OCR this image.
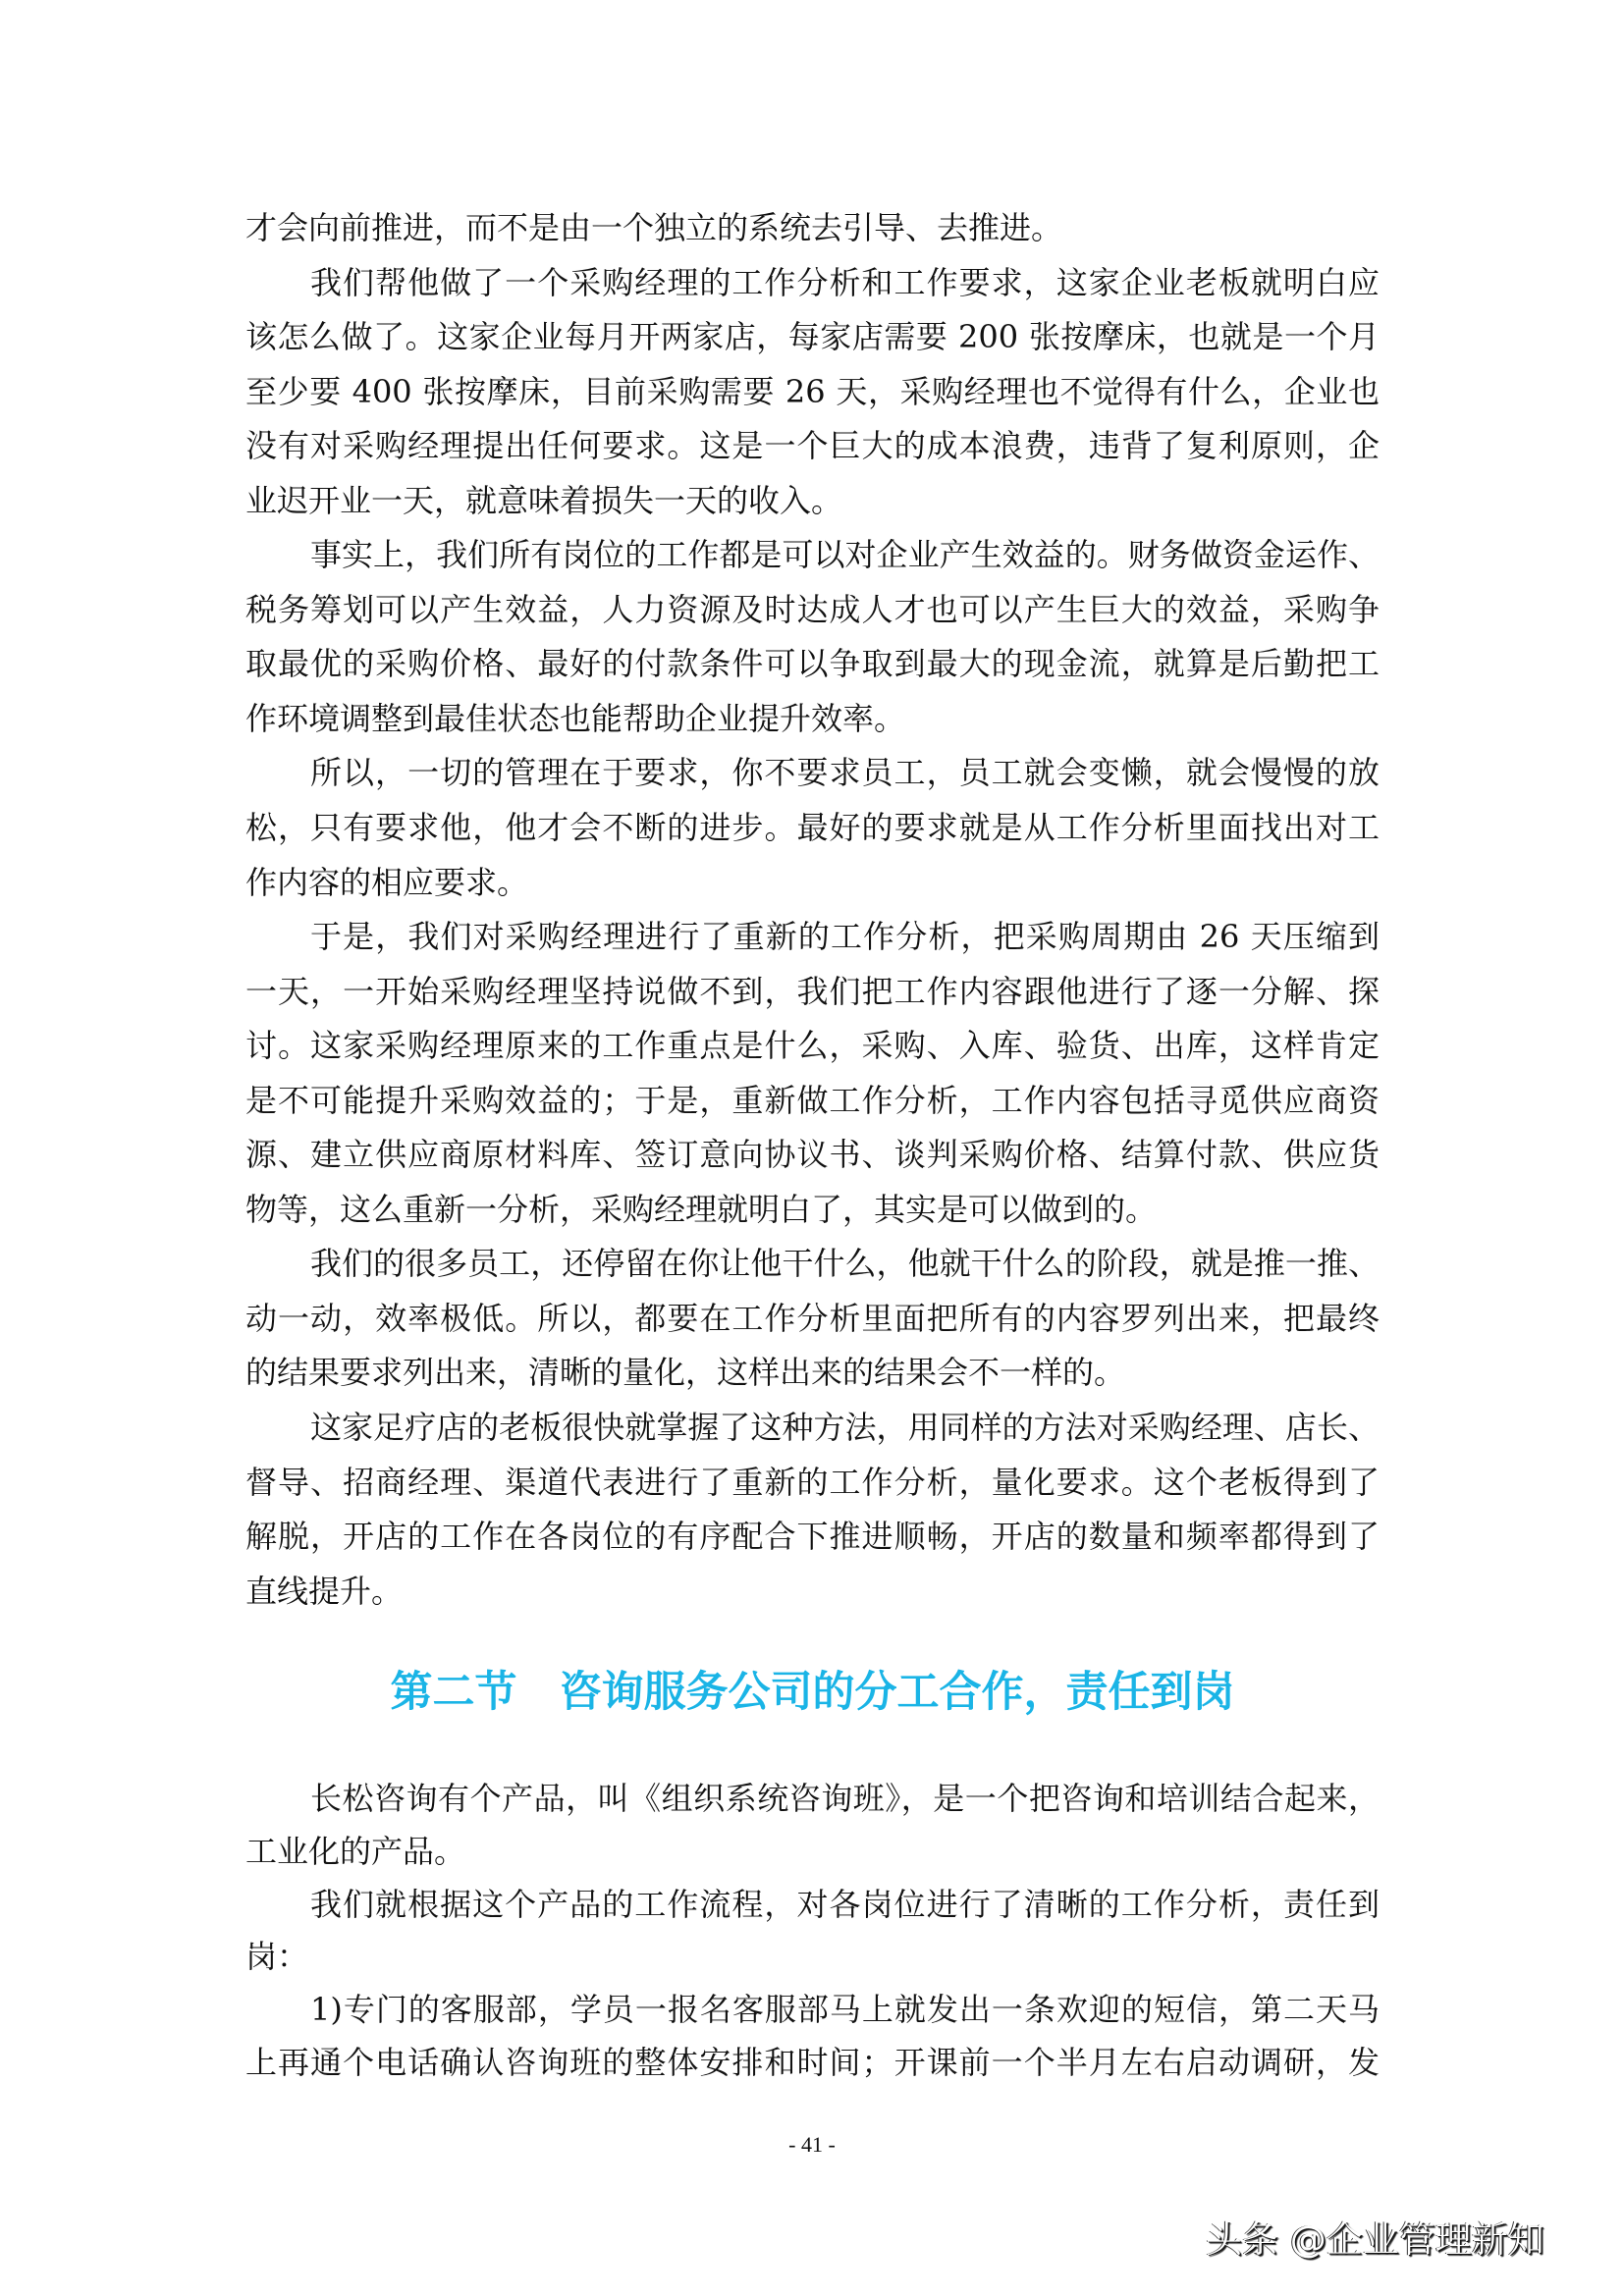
才会向前推进，而不是由一个独立的系统去引导、去推进。
我们帮他做了一个采购经理的工作分析和工作要求，这家企业老板就明白应
该怎么做了。这家企业每月开两家店，每家店需要 200 张按摩床，也就是一个月
至少要 400 张按摩床，目前采购需要 26 天，采购经理也不觉得有什么，企业也
没有对采购经理提出任何要求。这是一个巨大的成本浪费，违背了复利原则，企
业迟开业一天，就意味着损失一天的收入。
事实上，我们所有岗位的工作都是可以对企业产生效益的。财务做资金运作、
税务筹划可以产生效益，人力资源及时达成人才也可以产生巨大的效益，采购争
取最优的采购价格、最好的付款条件可以争取到最大的现金流，就算是后勤把工
作环境调整到最佳状态也能帮助企业提升效率。
所以，一切的管理在于要求，你不要求员工，员工就会变懒，就会慢慢的放
松，只有要求他，他才会不断的进步。最好的要求就是从工作分析里面找出对工
作内容的相应要求。
于是，我们对采购经理进行了重新的工作分析，把采购周期由 26 天压缩到
一天，一开始采购经理坚持说做不到，我们把工作内容跟他进行了逐一分解、探
讨。这家采购经理原来的工作重点是什么，采购、入库、验货、出库，这样肯定
是不可能提升采购效益的；于是，重新做工作分析，工作内容包括寻觅供应商资
源、建立供应商原材料库、签订意向协议书、谈判采购价格、结算付款、供应货
物等，这么重新一分析，采购经理就明白了，其实是可以做到的。
我们的很多员工，还停留在你让他干什么，他就干什么的阶段，就是推一推、
动一动，效率极低。所以，都要在工作分析里面把所有的内容罗列出来，把最终
的结果要求列出来，清晰的量化，这样出来的结果会不一样的。
这家足疗店的老板很快就掌握了这种方法，用同样的方法对采购经理、店长、
督导、招商经理、渠道代表进行了重新的工作分析，量化要求。这个老板得到了
解脱，开店的工作在各岗位的有序配合下推进顺畅，开店的数量和频率都得到了
直线提升。
第二节　咨询服务公司的分工合作，责任到岗
长松咨询有个产品，叫《组织系统咨询班》，是一个把咨询和培训结合起来，
工业化的产品。
我们就根据这个产品的工作流程，对各岗位进行了清晰的工作分析，责任到
岗：
1)专门的客服部，学员一报名客服部马上就发出一条欢迎的短信，第二天马
上再通个电话确认咨询班的整体安排和时间；开课前一个半月左右启动调研，发
- 41 -
头条 @企业管理新知
